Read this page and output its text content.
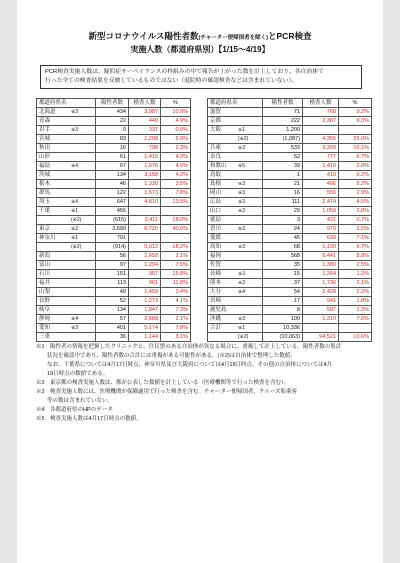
新型コロナウイルス陽性者数(チャーター便帰国者を除く)とPCR検査
実施人数（都道府県別）【1/15～4/19】
PCR検査実施人数は、疑似症サーベイランスの枠組みの中で報告が上がった数を計上しており、各自治体で
行った全ての検査結果を反映しているものではない（退院時の確認検査などは含まれていない）。
都道府県名	陽性者数	検査人数	%
北海道 ※3	434	3,987	10.9%
青森	22	449	4.9%
岩手 ※3	0	337	0.0%
宮城	83	1,208	6.9%
秋田	16	708	2.3%
山形	61	1,415	4.3%
福島 ※4	67	1,676	4.0%
茨城	134	3,158	4.2%
栃木	46	1,330	3.5%
群馬	122	1,573	7.8%
埼玉 ※4	647	4,810	13.5%
千葉 ※1	456		
(※2)	(615)	3,411	18.0%
東京 ※2	2,690	6,720	40.0%
神奈川 ※1	791		
(※2)	(914)	5,012	18.2%
新潟	56	2,658	2.1%
富山	97	1,294	7.5%
石川	151	957	15.8%
福井	113	961	11.8%
山梨	49	1,459	3.4%
長野	52	1,273	4.1%
岐阜	134	1,847	7.3%
静岡 ※4	57	2,688	2.1%
愛知 ※3	401	5,174	7.8%
三重	36	1,144	3.1%
都道府県名	陽性者数	検査人数	%
滋賀	71	768	9.2%
京都	222	2,387	9.3%
大阪 ※1	1,200		
(※2)	(1,087)	4,356	25.0%
兵庫 ※3	533	3,309	16.1%
奈良	52	777	6.7%
和歌山 ※5	39	1,410	2.8%
鳥取	1	419	0.2%
島根 ※3	21	406	5.2%
岡山 ※3	16	556	2.9%
広島 ※3	111	2,474	4.5%
山口 ※3	29	1,050	2.8%
徳島	3	421	0.7%
香川 ※3	24	973	2.5%
愛媛	45	630	7.1%
高知 ※3	68	1,190	5.7%
福岡	568	6,441	8.8%
佐賀	35	1,380	2.5%
長崎 ※3	15	1,264	1.2%
熊本 ※3	37	1,736	2.1%
大分 ※4	54	2,428	2.2%
宮崎	17	941	1.8%
鹿児島	8	597	1.3%
沖縄 ※3	100	1,310	7.6%
合計 ※1	10,336		
(※2)	(10,063)	94,521	10.6%
※1　陽性者の情報を把握したクリニックと、住民票のある自治体が異なる場合に、重複して計上している。陽性者数の集計
　　状況を確認中であり、陽性者数の合計には重複がある可能性がある。(※2)は自治体で整理した数値。
　　なお、千葉県については4月17日時点、神奈川県及び大阪府については4月18日時点、その他の自治体については4月
　　19日時点の数値である。
※2　東京都の検査実施人数は、都が公表した数値を計上している（医療機関等で行った検査を含む）。
※3　検査実施人数には、医療機関が保険適用で行った検査を含む。チャーター便帰国者、クルーズ船乗客
　　等の数は含まれていない。
※4　各都道府県のHPのデータ
※5　検査実施人数は4月17日時点の数値。
